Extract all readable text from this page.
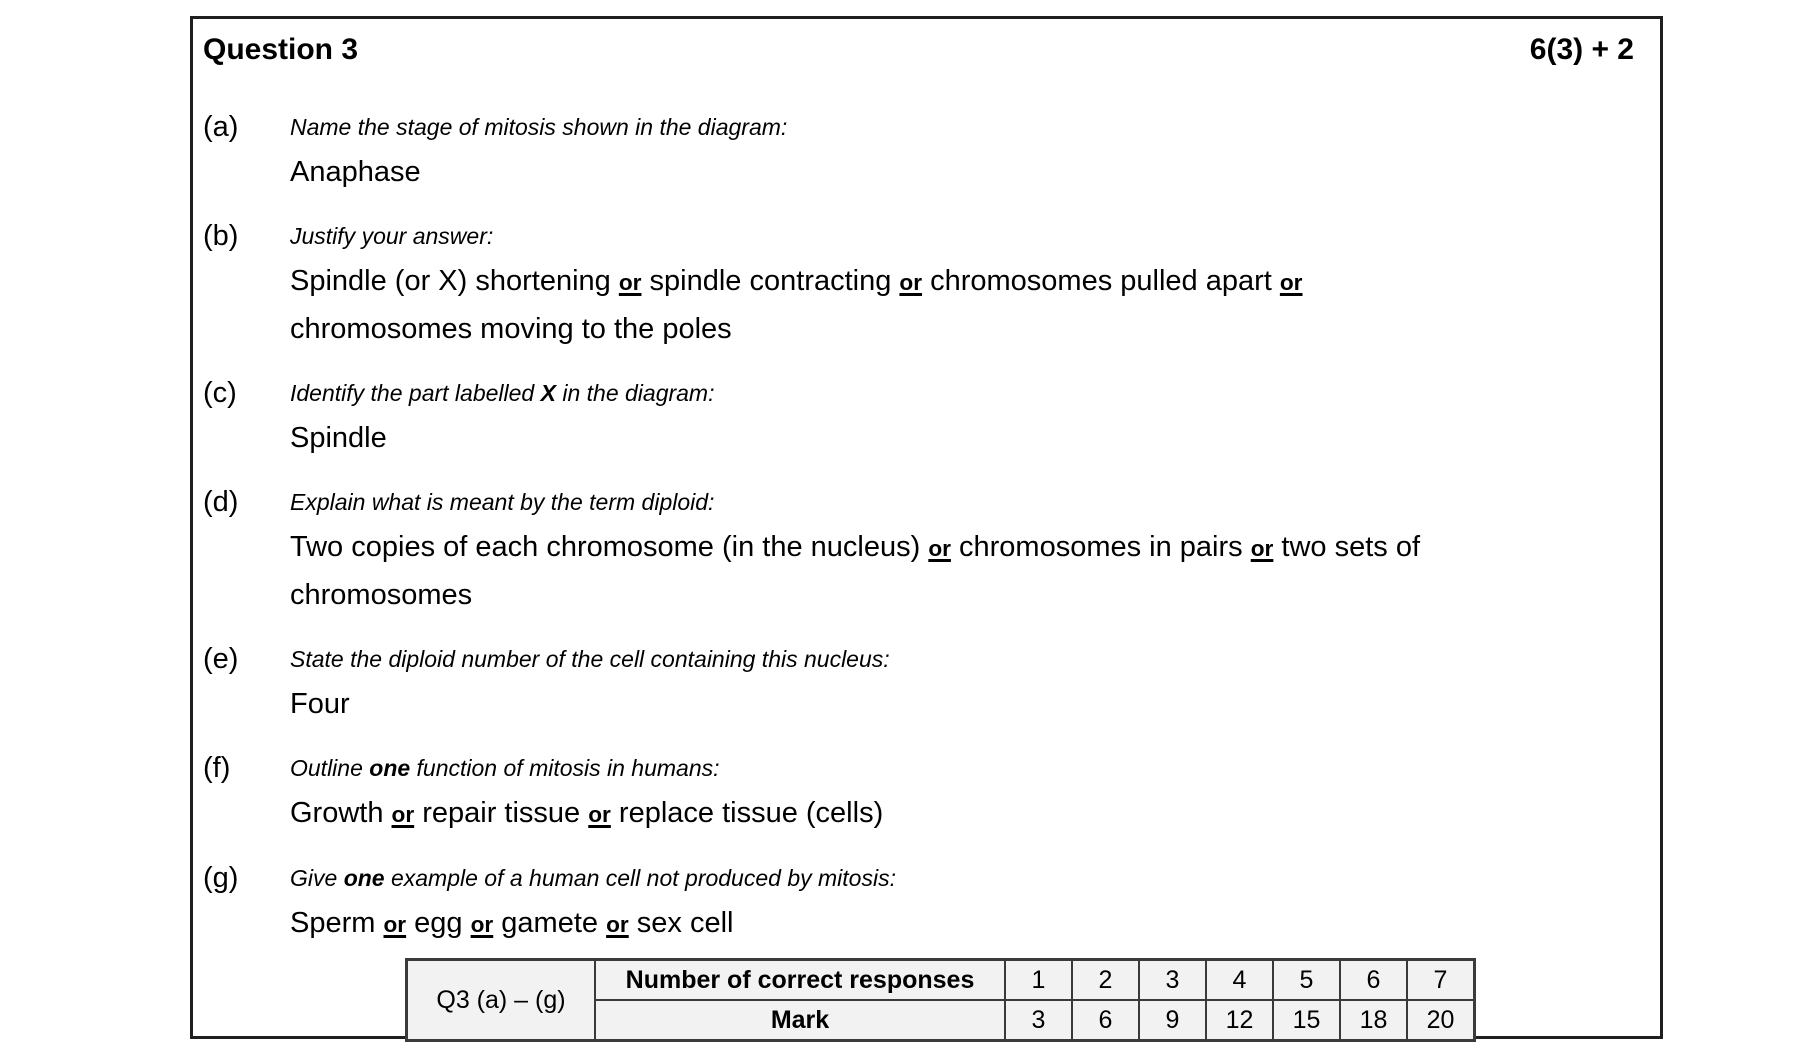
Question 3	6(3) + 2
(a)	Name the stage of mitosis shown in the diagram:
Anaphase
(b)	Justify your answer:
Spindle (or X) shortening or spindle contracting or chromosomes pulled apart or
chromosomes moving to the poles
(c)	Identify the part labelled X in the diagram:
Spindle
(d)	Explain what is meant by the term diploid:
Two copies of each chromosome (in the nucleus) or chromosomes in pairs or two sets of
chromosomes
(e)	State the diploid number of the cell containing this nucleus:
Four
(f)	Outline one function of mitosis in humans:
Growth or repair tissue or replace tissue (cells)
(g)	Give one example of a human cell not produced by mitosis:
Sperm or egg or gamete or sex cell
Q3 (a) – (g)	Number of correct responses	1	2	3	4	5	6	7
	Mark	3	6	9	12	15	18	20
